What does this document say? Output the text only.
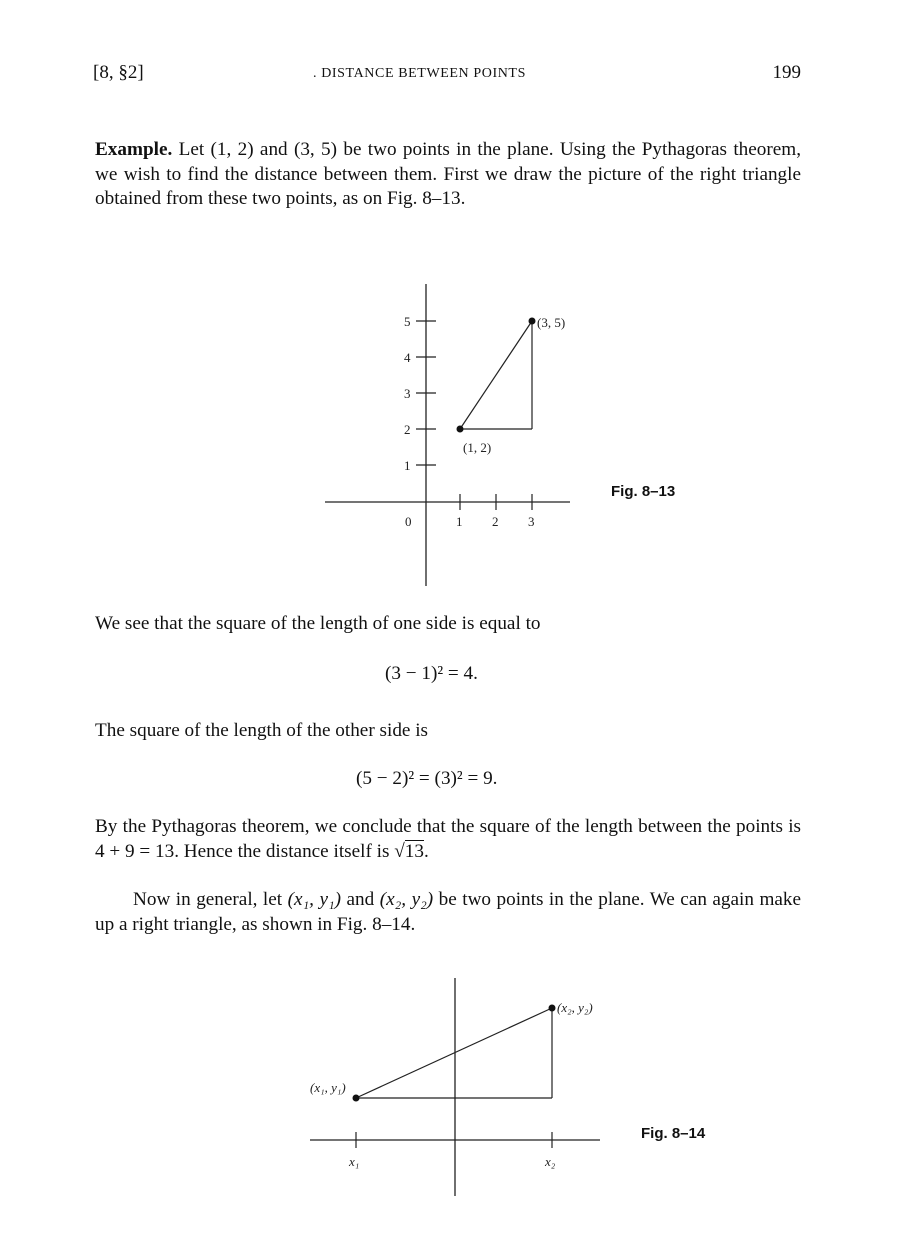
[8, §2]	. DISTANCE BETWEEN POINTS	199
Example. Let (1, 2) and (3, 5) be two points in the plane. Using the Pythagoras theorem, we wish to find the distance between them. First we draw the picture of the right triangle obtained from these two points, as on Fig. 8–13.
5
4
3
2
1
0	1 2 3
(1, 2)
(3, 5)
Fig. 8–13
We see that the square of the length of one side is equal to
(3 − 1)² = 4.
The square of the length of the other side is
(5 − 2)² = (3)² = 9.
By the Pythagoras theorem, we conclude that the square of the length between the points is 4 + 9 = 13. Hence the distance itself is √13.
Now in general, let (x₁, y₁) and (x₂, y₂) be two points in the plane. We can again make up a right triangle, as shown in Fig. 8–14.
(x₁, y₁)
(x₂, y₂)
x₁	x₂
Fig. 8–14
